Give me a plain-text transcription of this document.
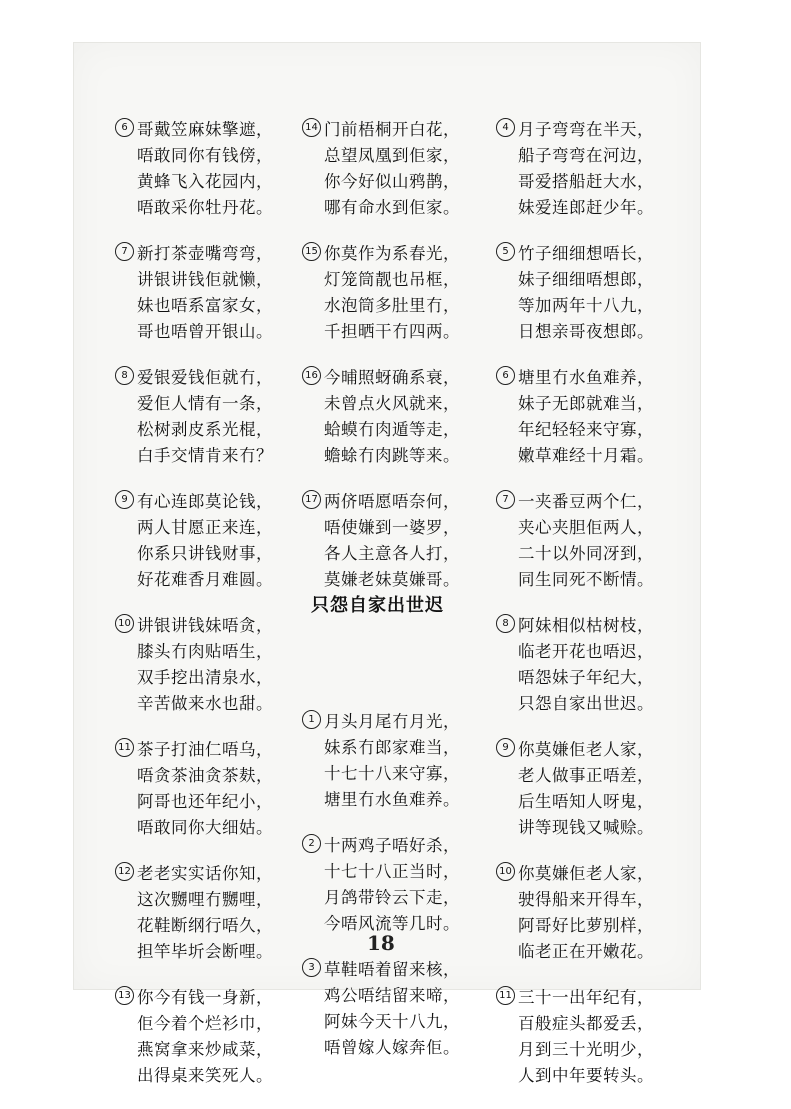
6 哥戴笠麻妹擎遮，
唔敢同你有钱傍，
黄蜂飞入花园内，
唔敢采你牡丹花。
7 新打茶壶嘴弯弯，
讲银讲钱佢就懒，
妹也唔系富家女，
哥也唔曾开银山。
8 爱银爱钱佢就冇，
爱佢人情有一条，
松树剥皮系光棍，
白手交情肯来冇？
9 有心连郎莫论钱，
两人甘愿正来连，
你系只讲钱财事，
好花难香月难圆。
10 讲银讲钱妹唔贪，
膝头冇肉贴唔生，
双手挖出清泉水，
辛苦做来水也甜。
11 茶子打油仁唔乌，
唔贪茶油贪茶麸，
阿哥也还年纪小，
唔敢同你大细姑。
12 老老实实话你知，
这次嬲哩冇嬲哩，
花鞋断纲行唔久，
担竿毕圻会断哩。
13 你今有钱一身新，
佢今着个烂衫巾，
燕窝拿来炒咸菜，
出得桌来笑死人。
14 门前梧桐开白花，
总望凤凰到佢家，
你今好似山鸦鹊，
哪有命水到佢家。
15 你莫作为系春光，
灯笼筒靓也吊框，
水泡筒多肚里冇，
千担晒干冇四两。
16 今晡照蚜确系衰，
未曾点火风就来，
蛤蟆冇肉遁等走，
蟾蜍冇肉跳等来。
17 两侪唔愿唔奈何，
唔使嫌到一婆罗，
各人主意各人打，
莫嫌老妹莫嫌哥。
1 月头月尾冇月光，
妹系冇郎家难当，
十七十八来守寡，
塘里冇水鱼难养。
2 十两鸡子唔好杀，
十七十八正当时，
月鸽带铃云下走，
今唔风流等几时。
3 草鞋唔着留来核，
鸡公唔结留来啼，
阿妹今天十八九，
唔曾嫁人嫁奔佢。
只怨自家出世迟
4 月子弯弯在半天，
船子弯弯在河边，
哥爱搭船赶大水，
妹爱连郎赶少年。
5 竹子细细想唔长，
妹子细细唔想郎，
等加两年十八九，
日想亲哥夜想郎。
6 塘里冇水鱼难养，
妹子无郎就难当，
年纪轻轻来守寡，
嫩草难经十月霜。
7 一夹番豆两个仁，
夹心夹胆佢两人，
二十以外同冴到，
同生同死不断情。
8 阿妹相似枯树枝，
临老开花也唔迟，
唔怨妹子年纪大，
只怨自家出世迟。
9 你莫嫌佢老人家，
老人做事正唔差，
后生唔知人呀鬼，
讲等现钱又喊赊。
10 你莫嫌佢老人家，
驶得船来开得车，
阿哥好比萝别样，
临老正在开嫩花。
11 三十一出年纪有，
百般症头都爱丢，
月到三十光明少，
人到中年要转头。
18
